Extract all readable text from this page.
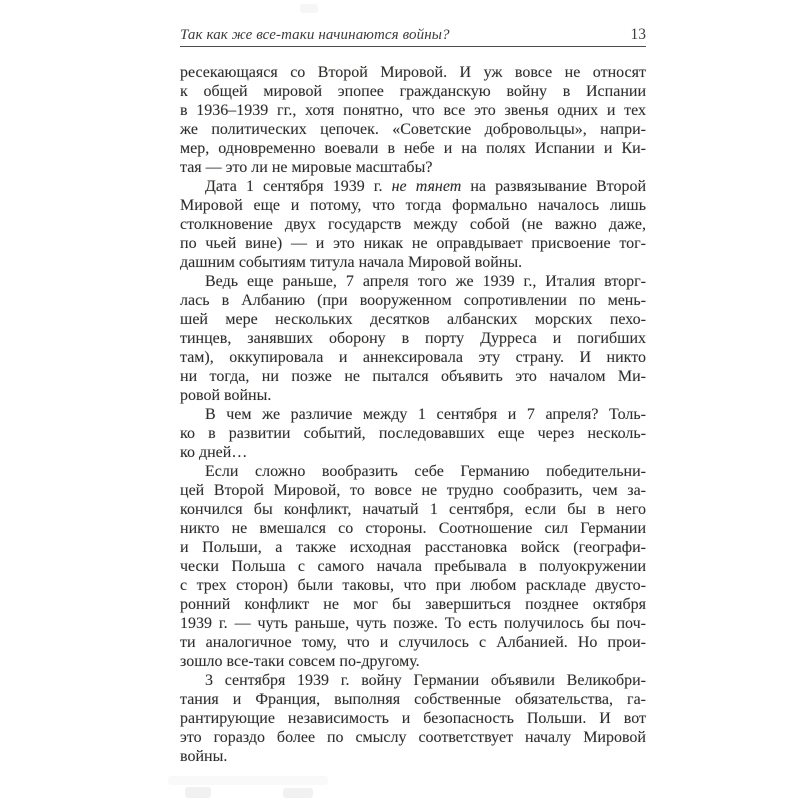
Так как же все-таки начинаются войны?	13
ресекающаяся со Второй Мировой. И уж вовсе не относят
к общей мировой эпопее гражданскую войну в Испании
в 1936–1939 гг., хотя понятно, что все это звенья одних и тех
же политических цепочек. «Советские добровольцы», напри-
мер, одновременно воевали в небе и на полях Испании и Ки-
тая — это ли не мировые масштабы?
Дата 1 сентября 1939 г. не тянет на развязывание Второй
Мировой еще и потому, что тогда формально началось лишь
столкновение двух государств между собой (не важно даже,
по чьей вине) — и это никак не оправдывает присвоение тог-
дашним событиям титула начала Мировой войны.
Ведь еще раньше, 7 апреля того же 1939 г., Италия вторг-
лась в Албанию (при вооруженном сопротивлении по мень-
шей мере нескольких десятков албанских морских пехо-
тинцев, занявших оборону в порту Дурреса и погибших
там), оккупировала и аннексировала эту страну. И никто
ни тогда, ни позже не пытался объявить это началом Ми-
ровой войны.
В чем же различие между 1 сентября и 7 апреля? Толь-
ко в развитии событий, последовавших еще через несколь-
ко дней…
Если сложно вообразить себе Германию победительни-
цей Второй Мировой, то вовсе не трудно сообразить, чем за-
кончился бы конфликт, начатый 1 сентября, если бы в него
никто не вмешался со стороны. Соотношение сил Германии
и Польши, а также исходная расстановка войск (географи-
чески Польша с самого начала пребывала в полуокружении
с трех сторон) были таковы, что при любом раскладе двусто-
ронний конфликт не мог бы завершиться позднее октября
1939 г. — чуть раньше, чуть позже. То есть получилось бы поч-
ти аналогичное тому, что и случилось с Албанией. Но прои-
зошло все-таки совсем по-другому.
3 сентября 1939 г. войну Германии объявили Великобри-
тания и Франция, выполняя собственные обязательства, га-
рантирующие независимость и безопасность Польши. И вот
это гораздо более по смыслу соответствует началу Мировой
войны.
